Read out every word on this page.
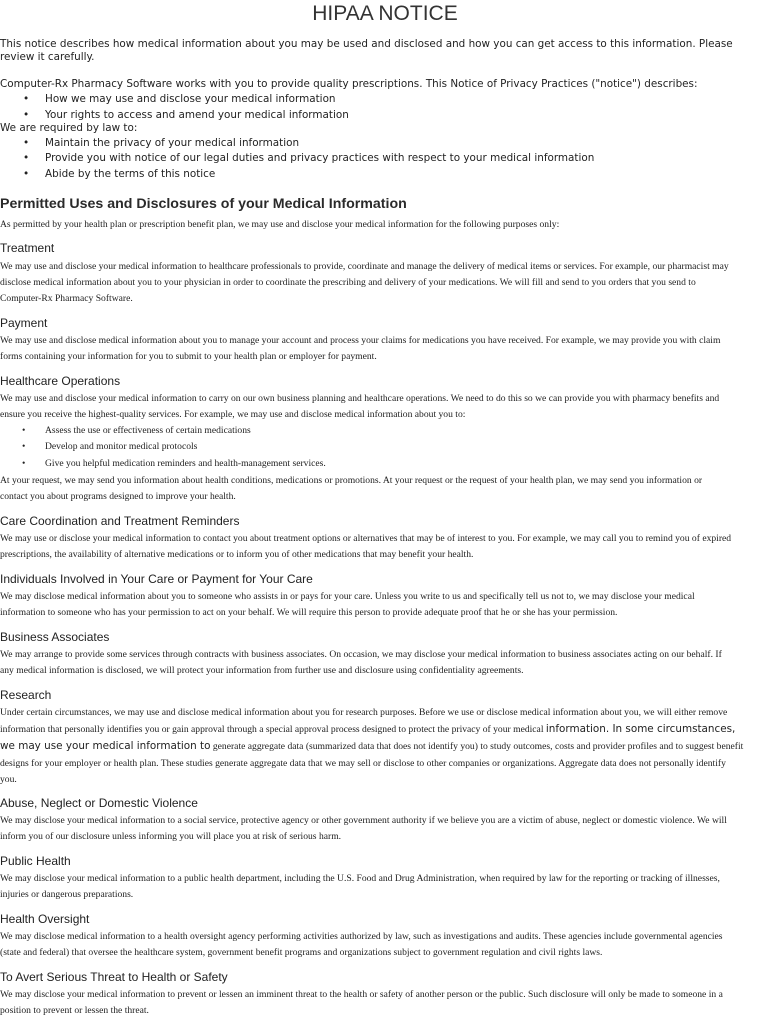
HIPAA NOTICE
This notice describes how medical information about you may be used and disclosed and how you can get access to this information. Please review it carefully.
Computer-Rx Pharmacy Software works with you to provide quality prescriptions. This Notice of Privacy Practices ("notice") describes:
• How we may use and disclose your medical information
• Your rights to access and amend your medical information
We are required by law to:
• Maintain the privacy of your medical information
• Provide you with notice of our legal duties and privacy practices with respect to your medical information
• Abide by the terms of this notice
Permitted Uses and Disclosures of your Medical Information
As permitted by your health plan or prescription benefit plan, we may use and disclose your medical information for the following purposes only:
Treatment
We may use and disclose your medical information to healthcare professionals to provide, coordinate and manage the delivery of medical items or services. For example, our pharmacist may
disclose medical information about you to your physician in order to coordinate the prescribing and delivery of your medications. We will fill and send to you orders that you send to
Computer-Rx Pharmacy Software.
Payment
We may use and disclose medical information about you to manage your account and process your claims for medications you have received. For example, we may provide you with claim
forms containing your information for you to submit to your health plan or employer for payment.
Healthcare Operations
We may use and disclose your medical information to carry on our own business planning and healthcare operations. We need to do this so we can provide you with pharmacy benefits and
ensure you receive the highest-quality services. For example, we may use and disclose medical information about you to:
• Assess the use or effectiveness of certain medications
• Develop and monitor medical protocols
• Give you helpful medication reminders and health-management services.
At your request, we may send you information about health conditions, medications or promotions. At your request or the request of your health plan, we may send you information or
contact you about programs designed to improve your health.
Care Coordination and Treatment Reminders
We may use or disclose your medical information to contact you about treatment options or alternatives that may be of interest to you. For example, we may call you to remind you of expired
prescriptions, the availability of alternative medications or to inform you of other medications that may benefit your health.
Individuals Involved in Your Care or Payment for Your Care
We may disclose medical information about you to someone who assists in or pays for your care. Unless you write to us and specifically tell us not to, we may disclose your medical
information to someone who has your permission to act on your behalf. We will require this person to provide adequate proof that he or she has your permission.
Business Associates
We may arrange to provide some services through contracts with business associates. On occasion, we may disclose your medical information to business associates acting on our behalf. If
any medical information is disclosed, we will protect your information from further use and disclosure using confidentiality agreements.
Research
Under certain circumstances, we may use and disclose medical information about you for research purposes. Before we use or disclose medical information about you, we will either remove
information that personally identifies you or gain approval through a special approval process designed to protect the privacy of your medical information. In some circumstances,
we may use your medical information to generate aggregate data (summarized data that does not identify you) to study outcomes, costs and provider profiles and to suggest benefit
designs for your employer or health plan. These studies generate aggregate data that we may sell or disclose to other companies or organizations. Aggregate data does not personally identify
you.
Abuse, Neglect or Domestic Violence
We may disclose your medical information to a social service, protective agency or other government authority if we believe you are a victim of abuse, neglect or domestic violence. We will
inform you of our disclosure unless informing you will place you at risk of serious harm.
Public Health
We may disclose your medical information to a public health department, including the U.S. Food and Drug Administration, when required by law for the reporting or tracking of illnesses,
injuries or dangerous preparations.
Health Oversight
We may disclose medical information to a health oversight agency performing activities authorized by law, such as investigations and audits. These agencies include governmental agencies
(state and federal) that oversee the healthcare system, government benefit programs and organizations subject to government regulation and civil rights laws.
To Avert Serious Threat to Health or Safety
We may disclose your medical information to prevent or lessen an imminent threat to the health or safety of another person or the public. Such disclosure will only be made to someone in a
position to prevent or lessen the threat.
